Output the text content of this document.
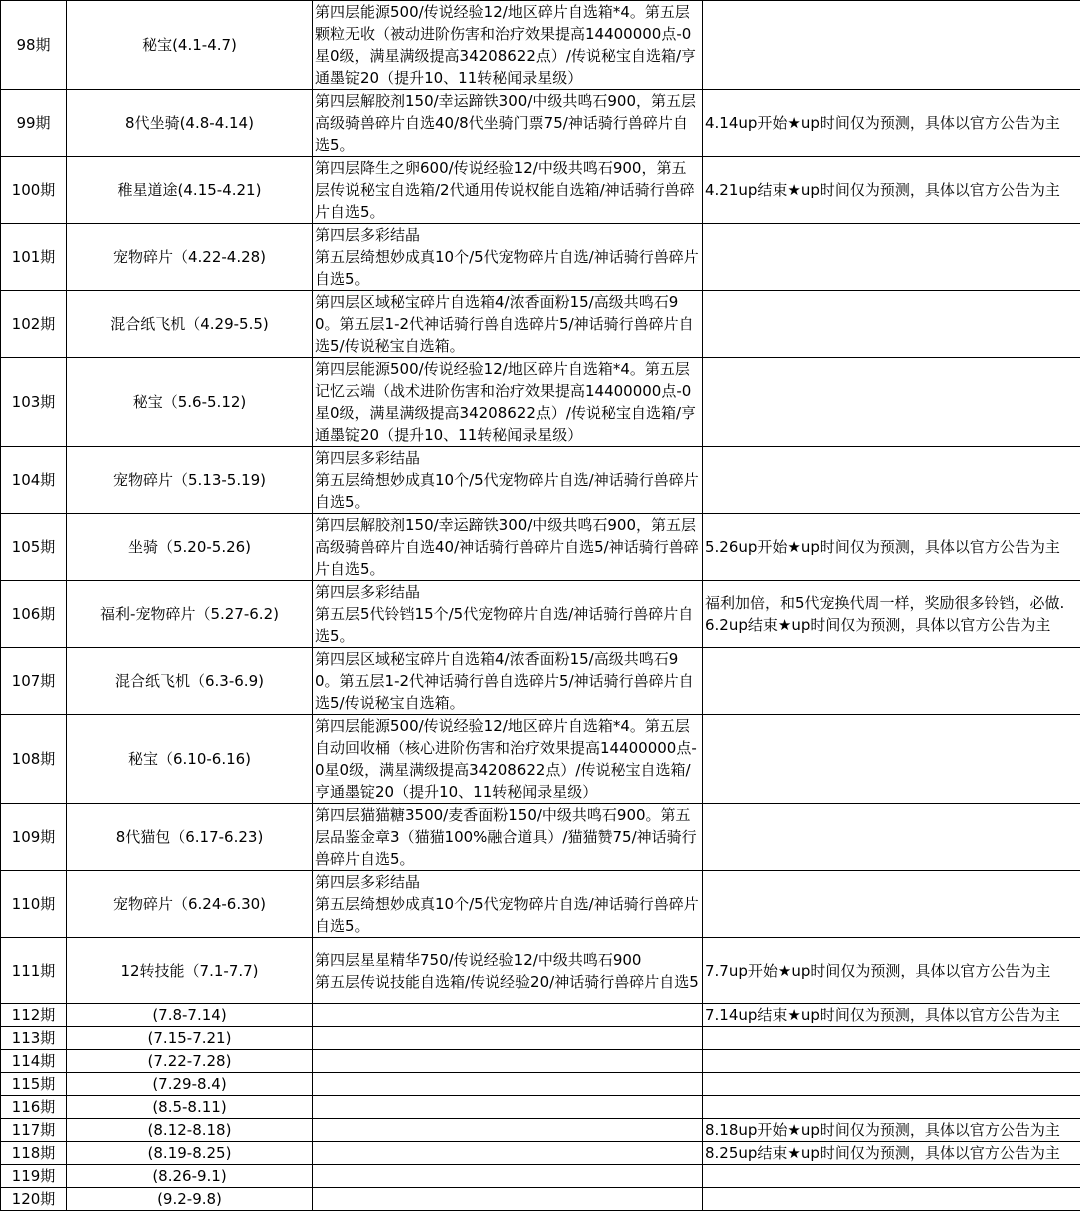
98期	秘宝(4.1-4.7)	第四层能源500/传说经验12/地区碎片自选箱*4。第五层颗粒无收（被动进阶伤害和治疗效果提高14400000点-0星0级，满星满级提高34208622点）/传说秘宝自选箱/亨通墨锭20（提升10、11转秘闻录星级）	
99期	8代坐骑(4.8-4.14)	第四层解胶剂150/幸运蹄铁300/中级共鸣石900，第五层高级骑兽碎片自选40/8代坐骑门票75/神话骑行兽碎片自选5。	4.14up开始★up时间仅为预测，具体以官方公告为主
100期	稚星道途(4.15-4.21)	第四层降生之卵600/传说经验12/中级共鸣石900，第五层传说秘宝自选箱/2代通用传说权能自选箱/神话骑行兽碎片自选5。	4.21up结束★up时间仅为预测，具体以官方公告为主
101期	宠物碎片（4.22-4.28)	第四层多彩结晶
第五层绮想妙成真10个/5代宠物碎片自选/神话骑行兽碎片自选5。	
102期	混合纸飞机（4.29-5.5)	第四层区域秘宝碎片自选箱4/浓香面粉15/高级共鸣石90。第五层1-2代神话骑行兽自选碎片5/神话骑行兽碎片自选5/传说秘宝自选箱。	
103期	秘宝（5.6-5.12)	第四层能源500/传说经验12/地区碎片自选箱*4。第五层记忆云端（战术进阶伤害和治疗效果提高14400000点-0星0级，满星满级提高34208622点）/传说秘宝自选箱/亨通墨锭20（提升10、11转秘闻录星级）	
104期	宠物碎片（5.13-5.19)	第四层多彩结晶
第五层绮想妙成真10个/5代宠物碎片自选/神话骑行兽碎片自选5。	
105期	坐骑（5.20-5.26)	第四层解胶剂150/幸运蹄铁300/中级共鸣石900，第五层高级骑兽碎片自选40/神话骑行兽碎片自选5/神话骑行兽碎片自选5。	5.26up开始★up时间仅为预测，具体以官方公告为主
106期	福利-宠物碎片（5.27-6.2)	第四层多彩结晶
第五层5代铃铛15个/5代宠物碎片自选/神话骑行兽碎片自选5。	福利加倍，和5代宠换代周一样，奖励很多铃铛，必做.
6.2up结束★up时间仅为预测，具体以官方公告为主
107期	混合纸飞机（6.3-6.9)	第四层区域秘宝碎片自选箱4/浓香面粉15/高级共鸣石90。第五层1-2代神话骑行兽自选碎片5/神话骑行兽碎片自选5/传说秘宝自选箱。	
108期	秘宝（6.10-6.16)	第四层能源500/传说经验12/地区碎片自选箱*4。第五层自动回收桶（核心进阶伤害和治疗效果提高14400000点-0星0级，满星满级提高34208622点）/传说秘宝自选箱/亨通墨锭20（提升10、11转秘闻录星级）	
109期	8代猫包（6.17-6.23)	第四层猫猫糖3500/麦香面粉150/中级共鸣石900。第五层品鉴金章3（猫猫100%融合道具）/猫猫赞75/神话骑行兽碎片自选5。	
110期	宠物碎片（6.24-6.30)	第四层多彩结晶
第五层绮想妙成真10个/5代宠物碎片自选/神话骑行兽碎片自选5。	
111期	12转技能（7.1-7.7)	第四层星星精华750/传说经验12/中级共鸣石900
第五层传说技能自选箱/传说经验20/神话骑行兽碎片自选5	7.7up开始★up时间仅为预测，具体以官方公告为主
112期	(7.8-7.14)		7.14up结束★up时间仅为预测，具体以官方公告为主
113期	(7.15-7.21)		
114期	(7.22-7.28)		
115期	(7.29-8.4)		
116期	(8.5-8.11)		
117期	(8.12-8.18)		8.18up开始★up时间仅为预测，具体以官方公告为主
118期	(8.19-8.25)		8.25up结束★up时间仅为预测，具体以官方公告为主
119期	(8.26-9.1)		
120期	(9.2-9.8)		
